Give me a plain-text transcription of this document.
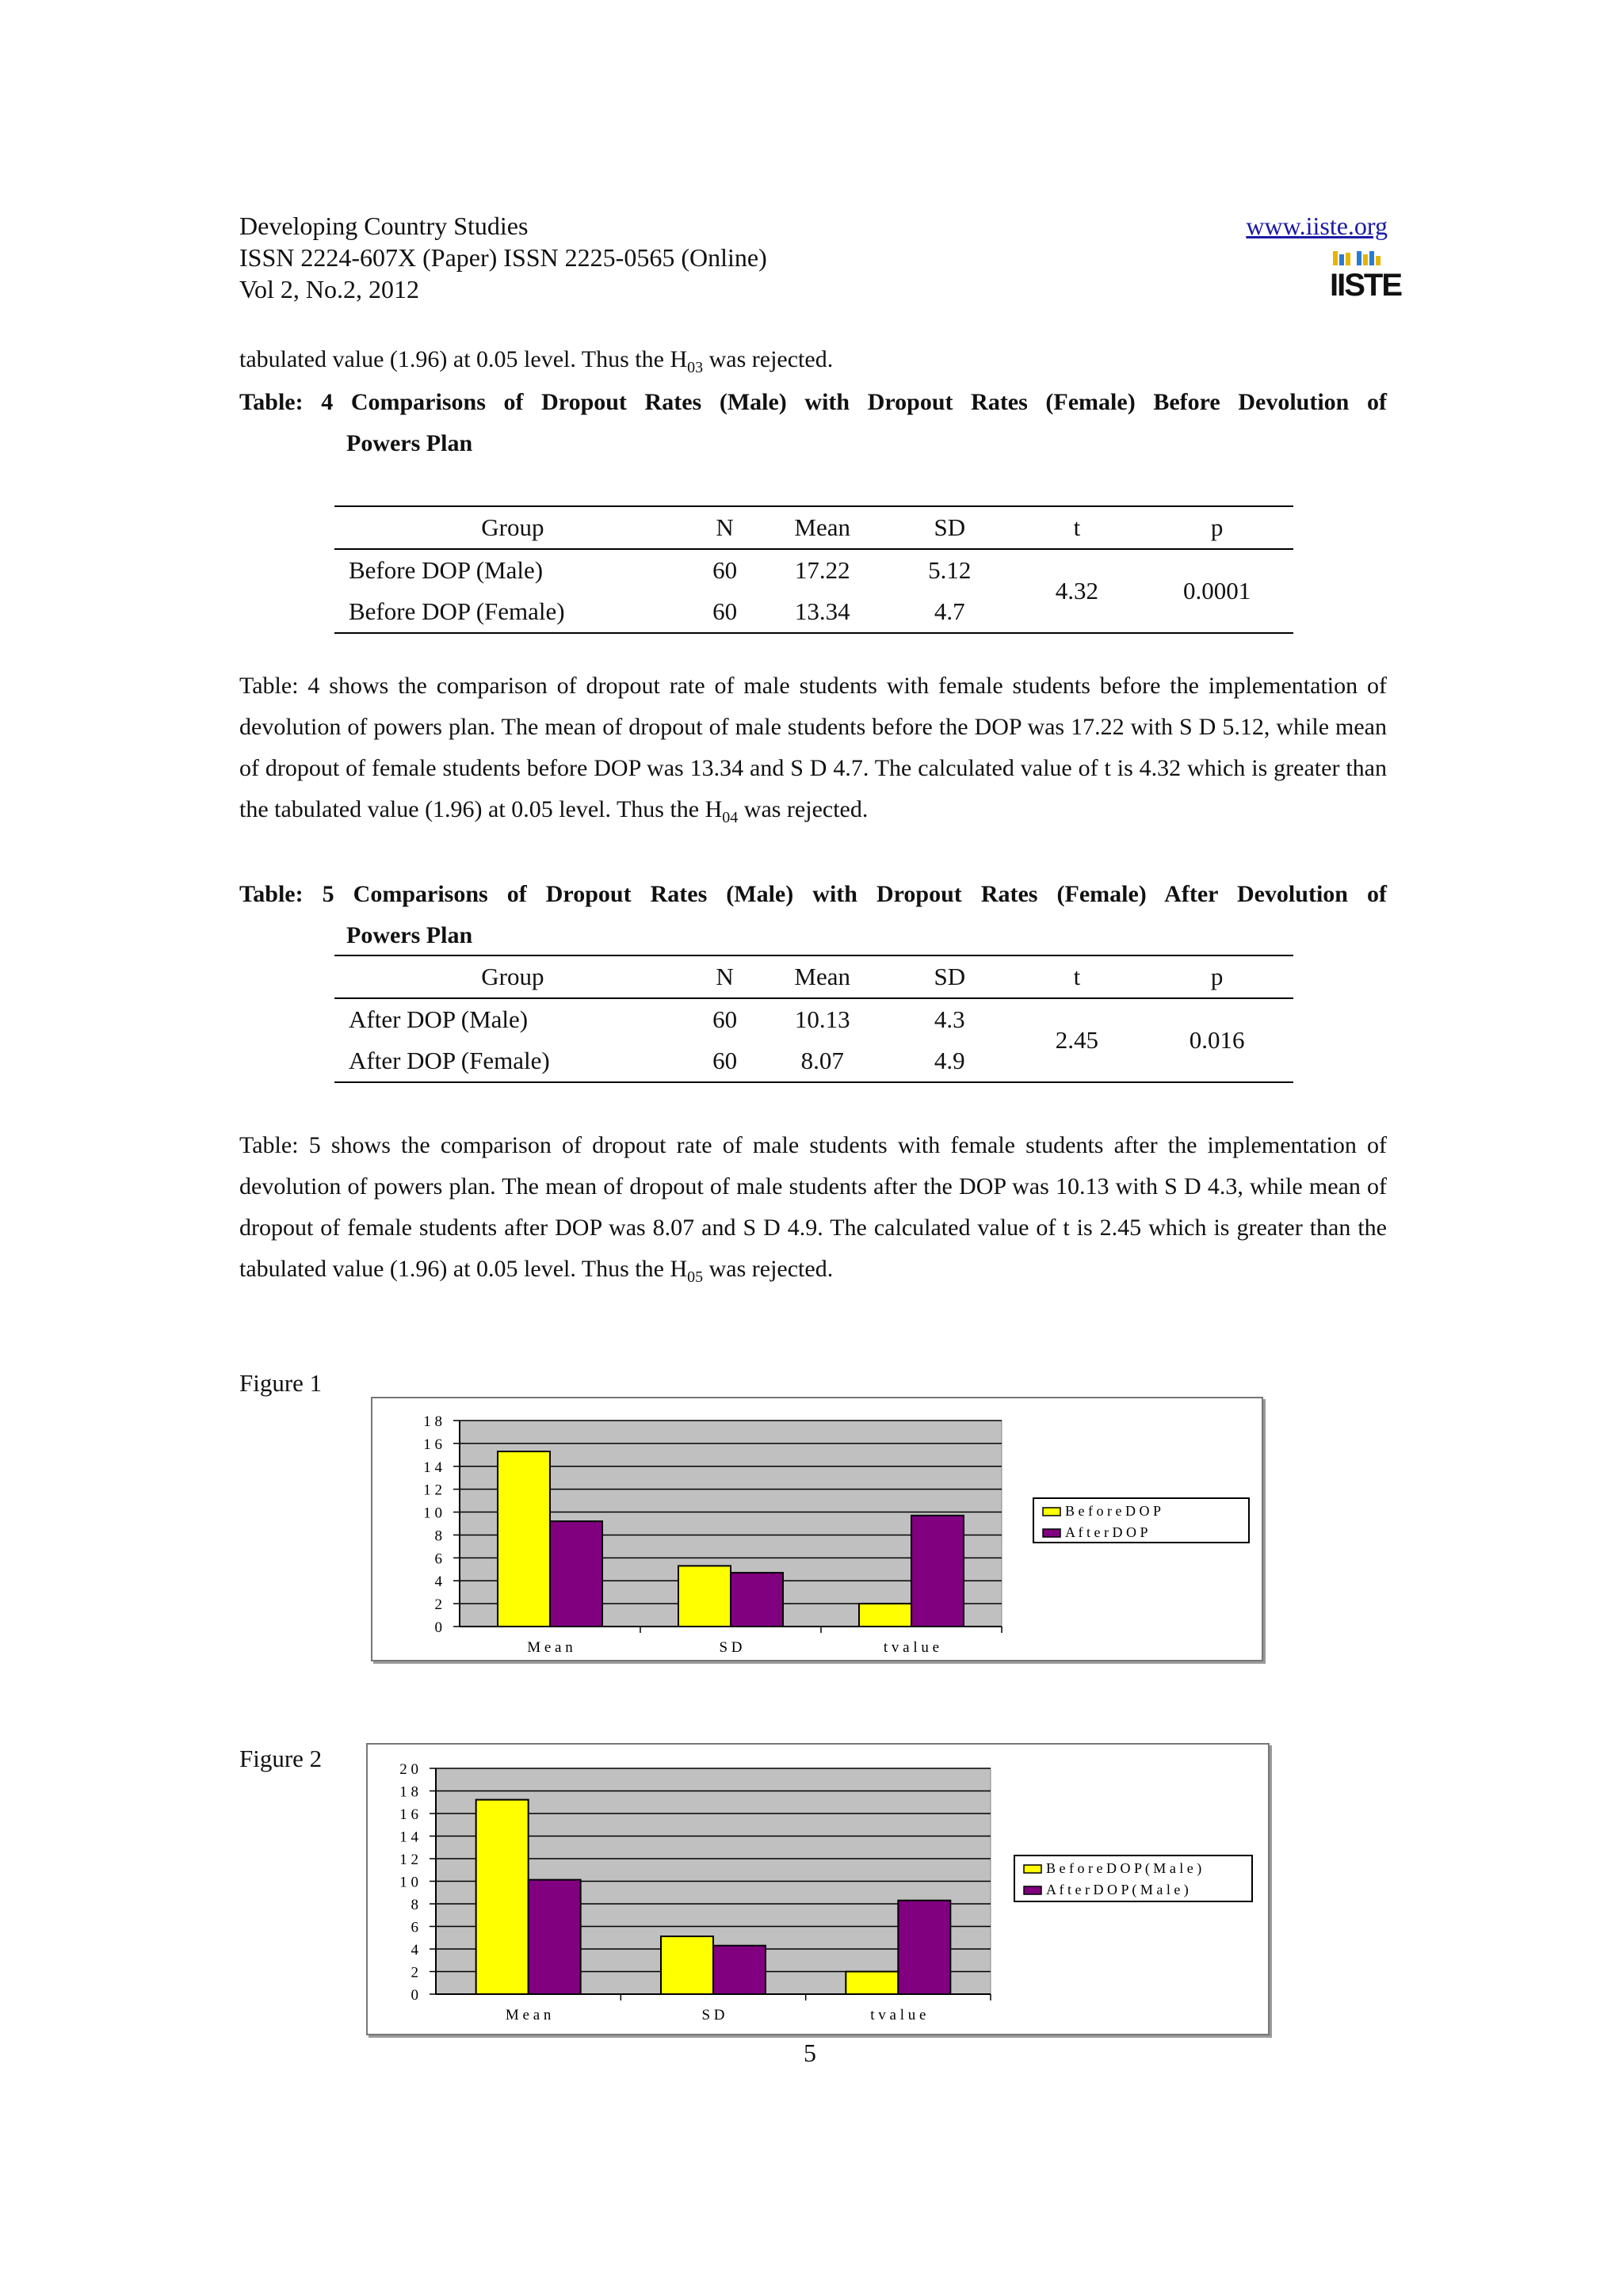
Developing Country Studies
ISSN 2224-607X (Paper) ISSN 2225-0565 (Online)
Vol 2, No.2, 2012
www.iiste.org
IISTE
tabulated value (1.96) at 0.05 level. Thus the $H_{03}$ was rejected.
Table: 4 Comparisons of Dropout Rates (Male) with Dropout Rates (Female) Before Devolution of
Powers Plan
Group	N	Mean	SD	t	p
Before DOP (Male)	60	17.22	5.12	4.32	0.0001
Before DOP (Female)	60	13.34	4.7		
Table: 4 shows the comparison of dropout rate of male students with female students before the implementation of devolution of powers plan. The mean of dropout of male students before the DOP was 17.22 with S D 5.12, while mean of dropout of female students before DOP was 13.34 and S D 4.7. The calculated value of t is 4.32 which is greater than the tabulated value (1.96) at 0.05 level. Thus the $H_{04}$ was rejected.
Table: 5 Comparisons of Dropout Rates (Male) with Dropout Rates (Female) After Devolution of
Powers Plan
Group	N	Mean	SD	t	p
After DOP (Male)	60	10.13	4.3	2.45	0.016
After DOP (Female)	60	8.07	4.9		
Table: 5 shows the comparison of dropout rate of male students with female students after the implementation of devolution of powers plan. The mean of dropout of male students after the DOP was 10.13 with S D 4.3, while mean of dropout of female students after DOP was 8.07 and S D 4.9. The calculated value of t is 2.45 which is greater than the tabulated value (1.96) at 0.05 level. Thus the $H_{05}$ was rejected.
Figure 1
1 8
1 6
1 4
1 2
1 0
8
6
4
2
0
M e a n	S D	t v a l u e
B e f o r e D O P
A f t e r D O P
Figure 2	2 0
1 8
1 6
1 4
1 2
1 0
8
6
4
2
0
M e a n	S D	t v a l u e
B e f o r e D O P ( M a l e )
A f t e r D O P ( M a l e )
5
